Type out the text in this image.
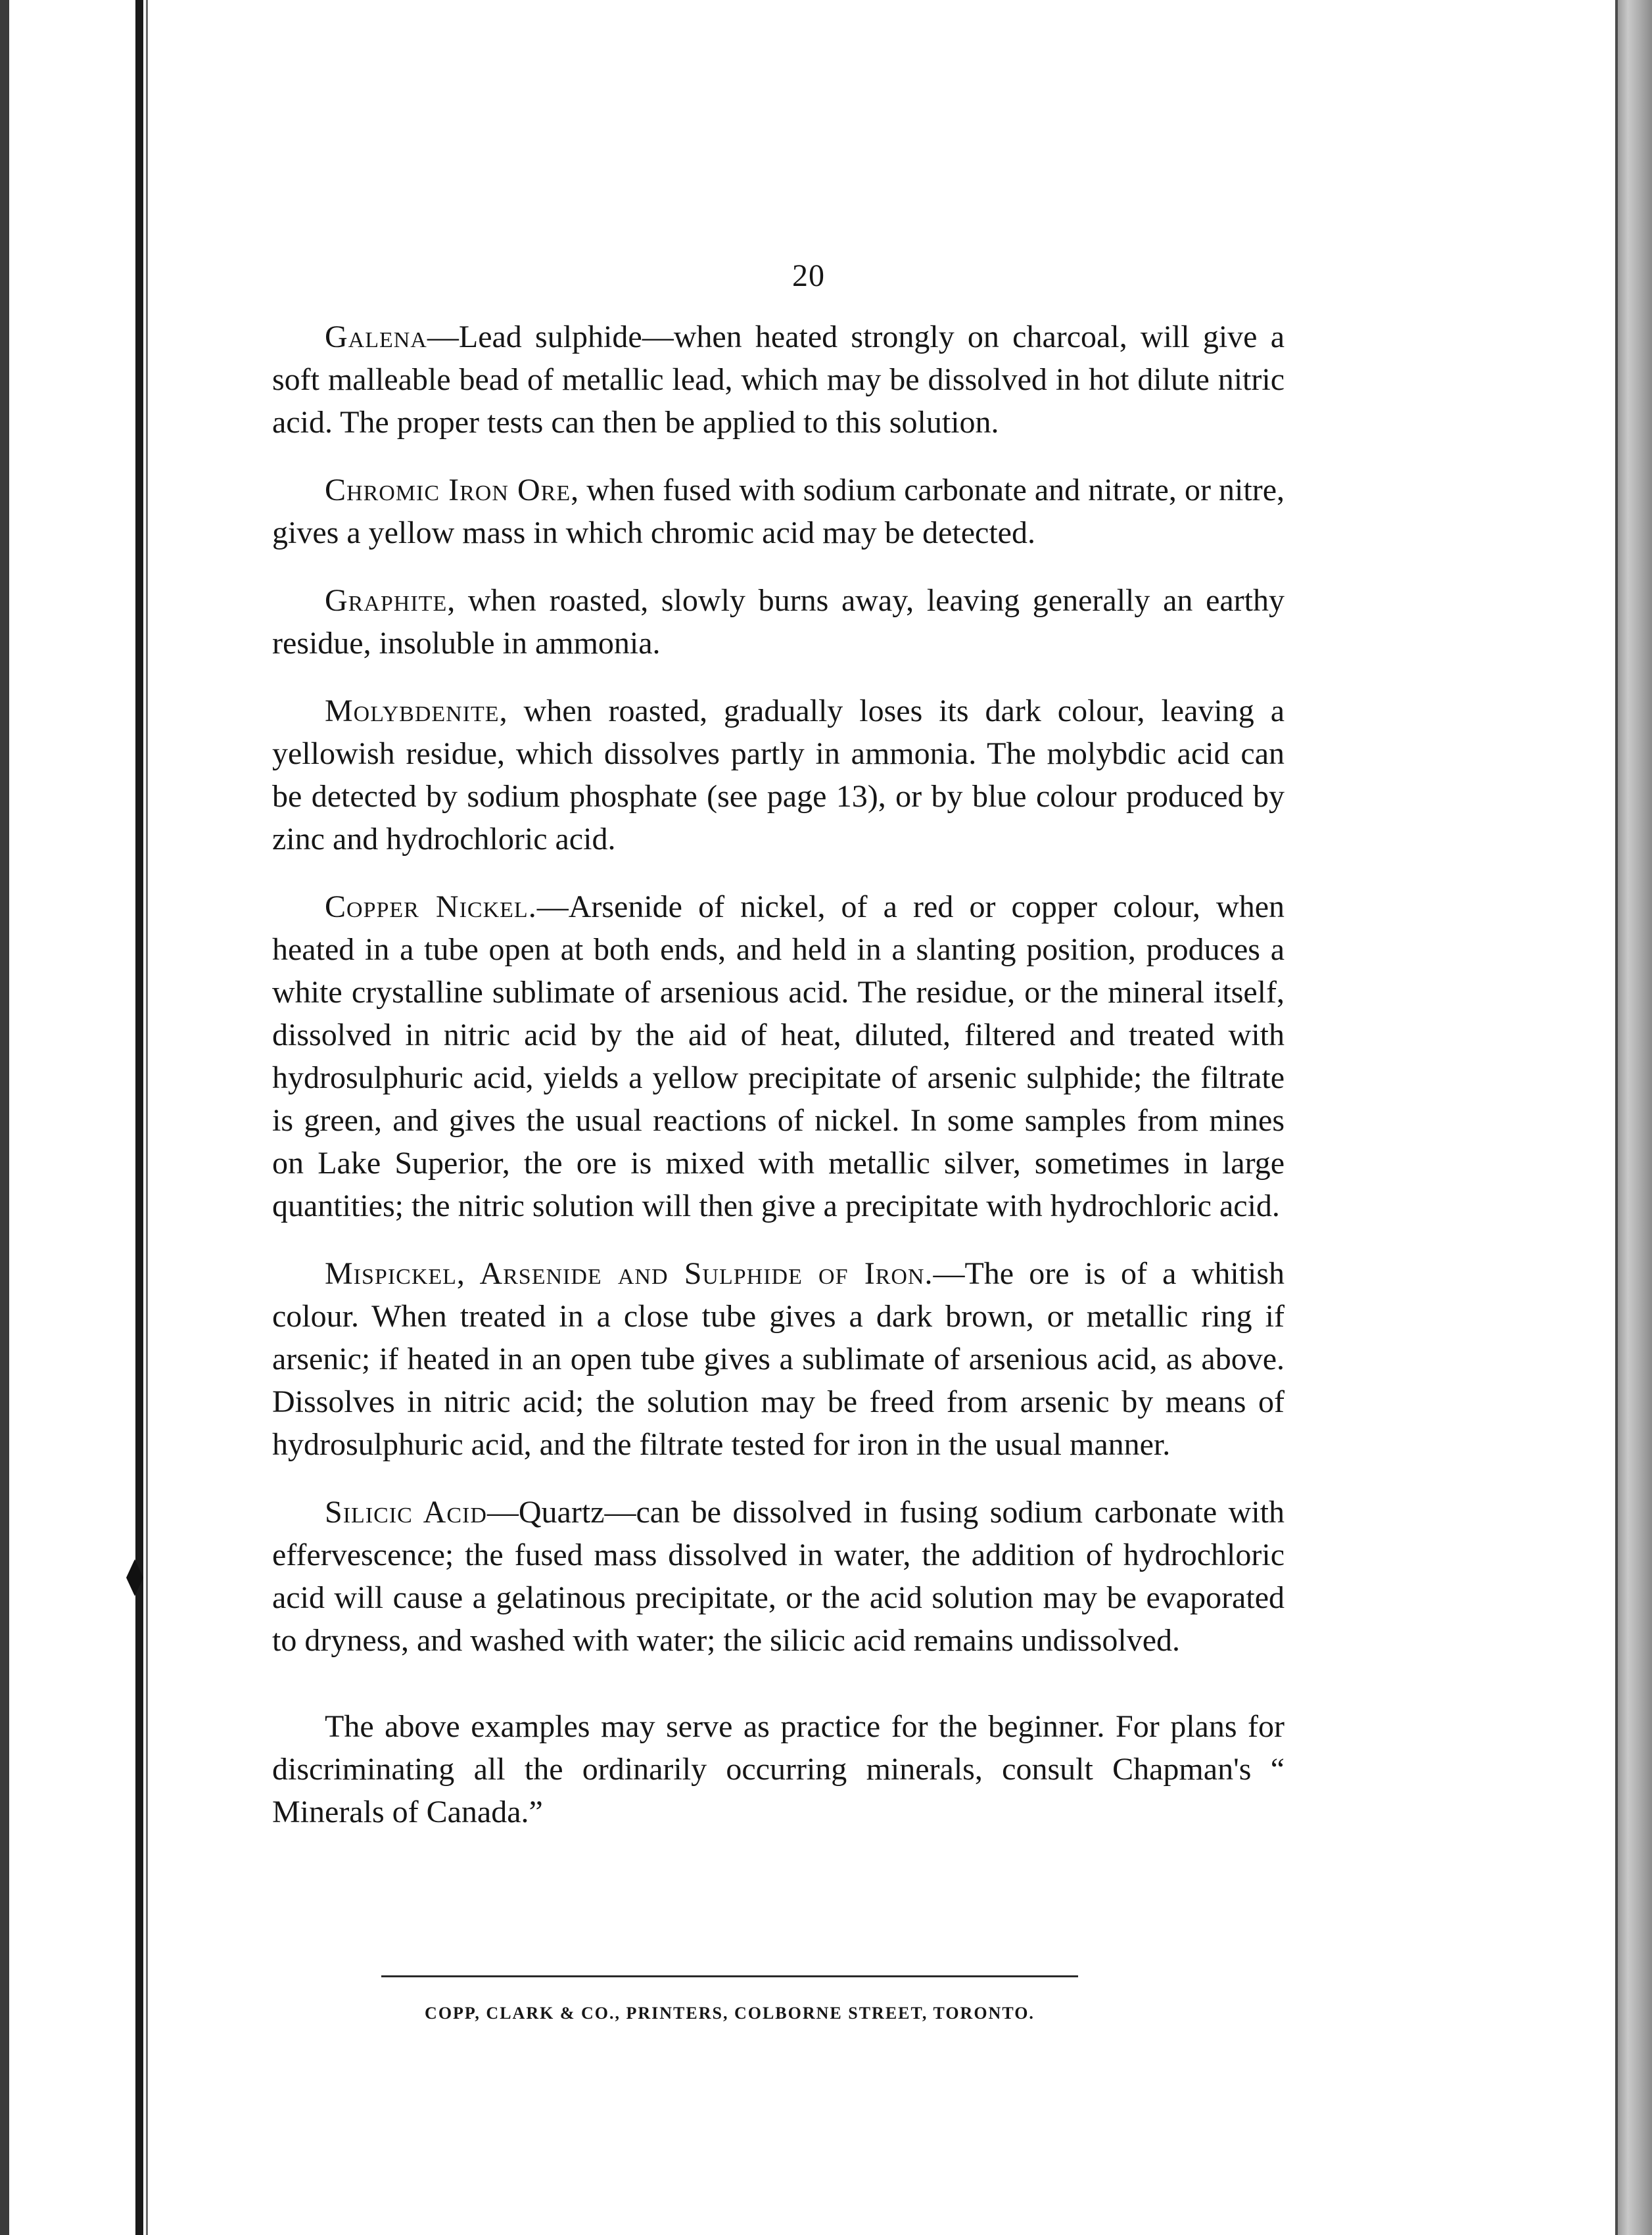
20

Galena—Lead sulphide—when heated strongly on charcoal, will give a soft malleable bead of metallic lead, which may be dissolved in hot dilute nitric acid. The proper tests can then be applied to this solution.

Chromic Iron Ore, when fused with sodium carbonate and nitrate, or nitre, gives a yellow mass in which chromic acid may be detected.

Graphite, when roasted, slowly burns away, leaving generally an earthy residue, insoluble in ammonia.

Molybdenite, when roasted, gradually loses its dark colour, leaving a yellowish residue, which dissolves partly in ammonia. The molybdic acid can be detected by sodium phosphate (see page 13), or by blue colour produced by zinc and hydrochloric acid.

Copper Nickel.—Arsenide of nickel, of a red or copper colour, when heated in a tube open at both ends, and held in a slanting position, produces a white crystalline sublimate of arsenious acid. The residue, or the mineral itself, dissolved in nitric acid by the aid of heat, diluted, filtered and treated with hydrosulphuric acid, yields a yellow precipitate of arsenic sulphide; the filtrate is green, and gives the usual reactions of nickel. In some samples from mines on Lake Superior, the ore is mixed with metallic silver, sometimes in large quantities; the nitric solution will then give a precipitate with hydrochloric acid.

Mispickel, Arsenide and Sulphide of Iron.—The ore is of a whitish colour. When treated in a close tube gives a dark brown, or metallic ring if arsenic; if heated in an open tube gives a sublimate of arsenious acid, as above. Dissolves in nitric acid; the solution may be freed from arsenic by means of hydrosulphuric acid, and the filtrate tested for iron in the usual manner.

Silicic Acid—Quartz—can be dissolved in fusing sodium carbonate with effervescence; the fused mass dissolved in water, the addition of hydrochloric acid will cause a gelatinous precipitate, or the acid solution may be evaporated to dryness, and washed with water; the silicic acid remains undissolved.

The above examples may serve as practice for the beginner. For plans for discriminating all the ordinarily occurring minerals, consult Chapman's “ Minerals of Canada.”

COPP, CLARK & CO., PRINTERS, COLBORNE STREET, TORONTO.
